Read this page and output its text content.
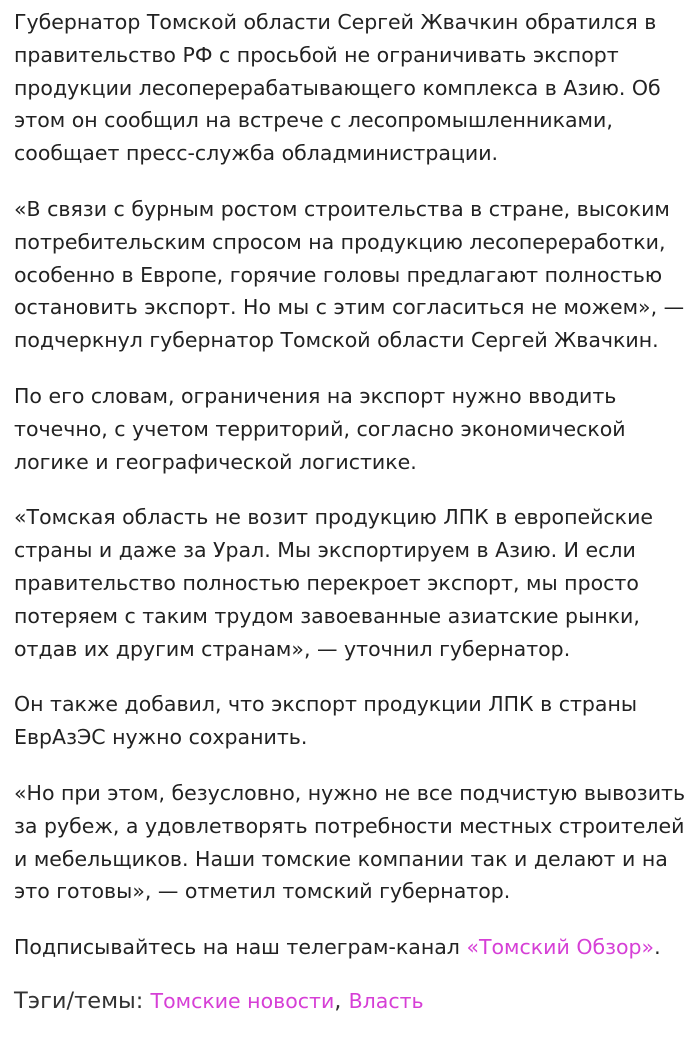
Губернатор Томской области Сергей Жвачкин обратился в правительство РФ с просьбой не ограничивать экспорт продукции лесоперерабатывающего комплекса в Азию. Об этом он сообщил на встрече с лесопромышленниками, сообщает пресс-служба обладминистрации.

«В связи с бурным ростом строительства в стране, высоким потребительским спросом на продукцию лесопереработки, особенно в Европе, горячие головы предлагают полностью остановить экспорт. Но мы с этим согласиться не можем», — подчеркнул губернатор Томской области Сергей Жвачкин.

По его словам, ограничения на экспорт нужно вводить точечно, с учетом территорий, согласно экономической логике и географической логистике.

«Томская область не возит продукцию ЛПК в европейские страны и даже за Урал. Мы экспортируем в Азию. И если правительство полностью перекроет экспорт, мы просто потеряем с таким трудом завоеванные азиатские рынки, отдав их другим странам», — уточнил губернатор.

Он также добавил, что экспорт продукции ЛПК в страны ЕврАзЭС нужно сохранить.

«Но при этом, безусловно, нужно не все подчистую вывозить за рубеж, а удовлетворять потребности местных строителей и мебельщиков. Наши томские компании так и делают и на это готовы», — отметил томский губернатор.

Подписывайтесь на наш телеграм-канал «Томский Обзор».

Тэги/темы: Томские новости, Власть
